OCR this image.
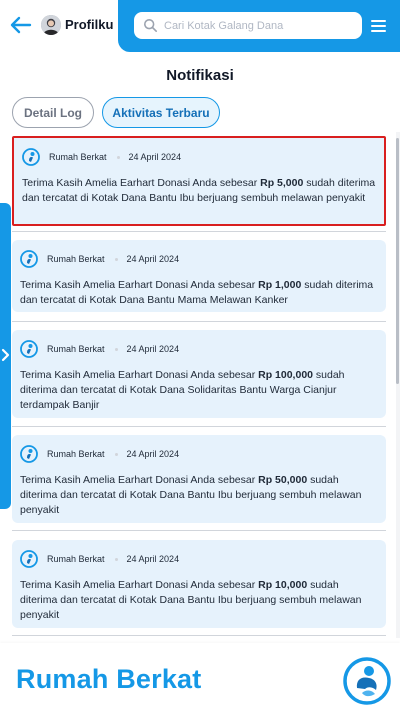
Profilku
Cari Kotak Galang Dana
Notifikasi
Detail Log	Aktivitas Terbaru
Rumah Berkat 24 April 2024
Terima Kasih Amelia Earhart Donasi Anda sebesar Rp 5,000 sudah diterima dan tercatat di Kotak Dana Bantu Ibu berjuang sembuh melawan penyakit
Rumah Berkat 24 April 2024
Terima Kasih Amelia Earhart Donasi Anda sebesar Rp 1,000 sudah diterima dan tercatat di Kotak Dana Bantu Mama Melawan Kanker
Rumah Berkat 24 April 2024
Terima Kasih Amelia Earhart Donasi Anda sebesar Rp 100,000 sudah diterima dan tercatat di Kotak Dana Solidaritas Bantu Warga Cianjur terdampak Banjir
Rumah Berkat 24 April 2024
Terima Kasih Amelia Earhart Donasi Anda sebesar Rp 50,000 sudah diterima dan tercatat di Kotak Dana Bantu Ibu berjuang sembuh melawan penyakit
Rumah Berkat 24 April 2024
Terima Kasih Amelia Earhart Donasi Anda sebesar Rp 10,000 sudah diterima dan tercatat di Kotak Dana Bantu Ibu berjuang sembuh melawan penyakit
Rumah Berkat
